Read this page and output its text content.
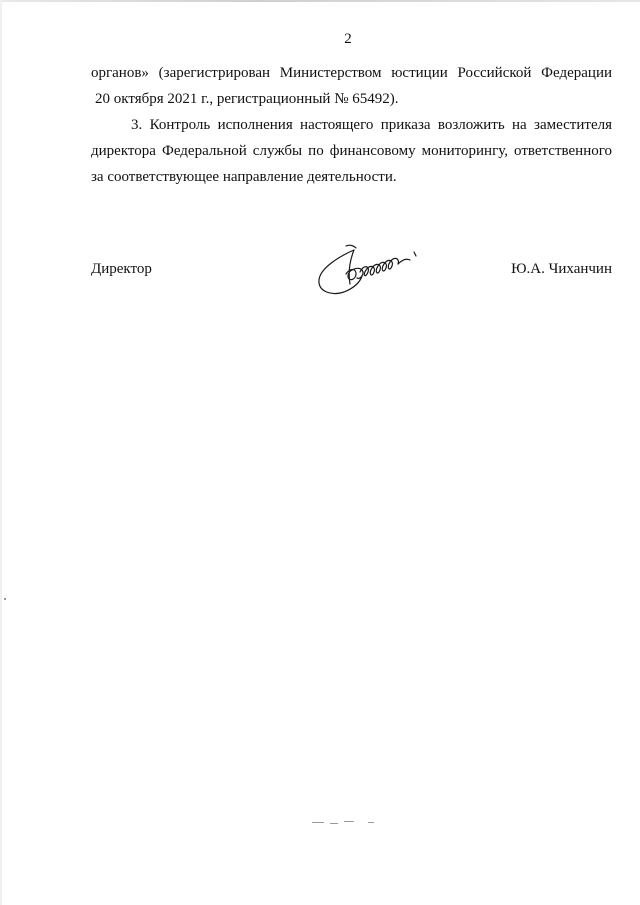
2
органов» (зарегистрирован Министерством юстиции Российской Федерации
20 октября 2021 г., регистрационный № 65492).
3. Контроль исполнения настоящего приказа возложить на заместителя
директора Федеральной службы по финансовому мониторингу, ответственного
за соответствующее направление деятельности.
Директор	Ю.А. Чиханчин
